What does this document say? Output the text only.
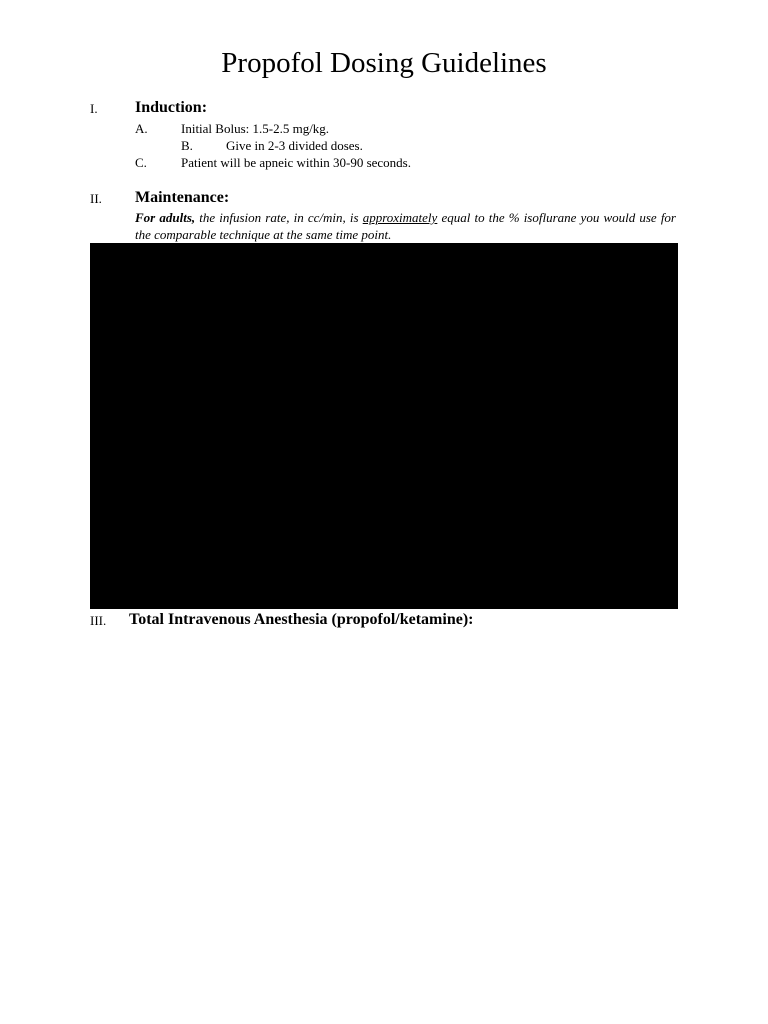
Propofol Dosing Guidelines
I. Induction:
A.	Initial Bolus: 1.5-2.5 mg/kg.
B.	Give in 2-3 divided doses.
C.	Patient will be apneic within 30-90 seconds.
II. Maintenance:
For adults, the infusion rate, in cc/min, is approximately equal to the % isoflurane you would use for the comparable technique at the same time point.
III. Total Intravenous Anesthesia (propofol/ketamine):
